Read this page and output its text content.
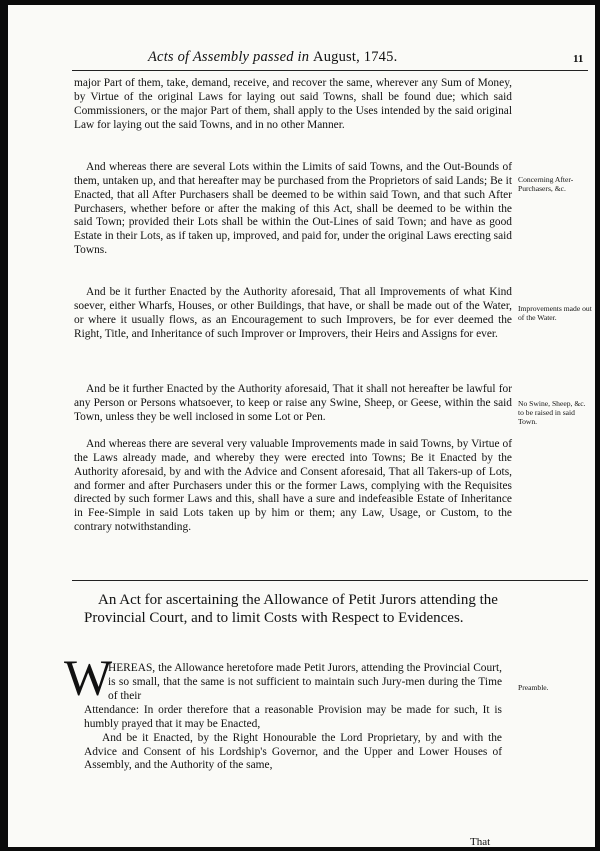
Acts of Assembly passed in August, 1745.	11

major Part of them, take, demand, receive, and recover the same, wherever any Sum of Money, by Virtue of the original Laws for laying out said Towns, shall be found due; which said Commissioners, or the major Part of them, shall apply to the Uses intended by the said original Law for laying out the said Towns, and in no other Manner.

And whereas there are several Lots within the Limits of said Towns, and the Out-Bounds of them, untaken up, and that hereafter may be purchased from the Proprietors of said Lands; Be it Enacted, that all After Purchasers shall be deemed to be within said Town, and that such After Purchasers, whether before or after the making of this Act, shall be deemed to be within the said Town; provided their Lots shall be within the Out-Lines of said Town; and have as good Estate in their Lots, as if taken up, improved, and paid for, under the original Laws erecting said Towns.

Concerning After-Purchasers, &c.

And be it further Enacted by the Authority aforesaid, That all Improvements of what Kind soever, either Wharfs, Houses, or other Buildings, that have, or shall be made out of the Water, or where it usually flows, as an Encouragement to such Improvers, be for ever deemed the Right, Title, and Inheritance of such Improver or Improvers, their Heirs and Assigns for ever.

Improvements made out of the Water.

And be it further Enacted by the Authority aforesaid, That it shall not hereafter be lawful for any Person or Persons whatsoever, to keep or raise any Swine, Sheep, or Geese, within the said Town, unless they be well inclosed in some Lot or Pen.

No Swine, Sheep, &c. to be raised in said Town.

And whereas there are several very valuable Improvements made in said Towns, by Virtue of the Laws already made, and whereby they were erected into Towns; Be it Enacted by the Authority aforesaid, by and with the Advice and Consent aforesaid, That all Takers-up of Lots, and former and after Purchasers under this or the former Laws, complying with the Requisites directed by such former Laws and this, shall have a sure and indefeasible Estate of Inheritance in Fee-Simple in said Lots taken up by him or them; any Law, Usage, or Custom, to the contrary notwithstanding.

An Act for ascertaining the Allowance of Petit Jurors attending the Provincial Court, and to limit Costs with Respect to Evidences.

W

HEREAS, the Allowance heretofore made Petit Jurors, attending the Provincial Court, is so small, that the same is not sufficient to maintain such Jury-men during the Time of their

Preamble.

Attendance: In order therefore that a reasonable Provision may be made for such, It is humbly prayed that it may be Enacted,

And be it Enacted, by the Right Honourable the Lord Proprietary, by and with the Advice and Consent of his Lordship's Governor, and the Upper and Lower Houses of Assembly, and the Authority of the same,

That
